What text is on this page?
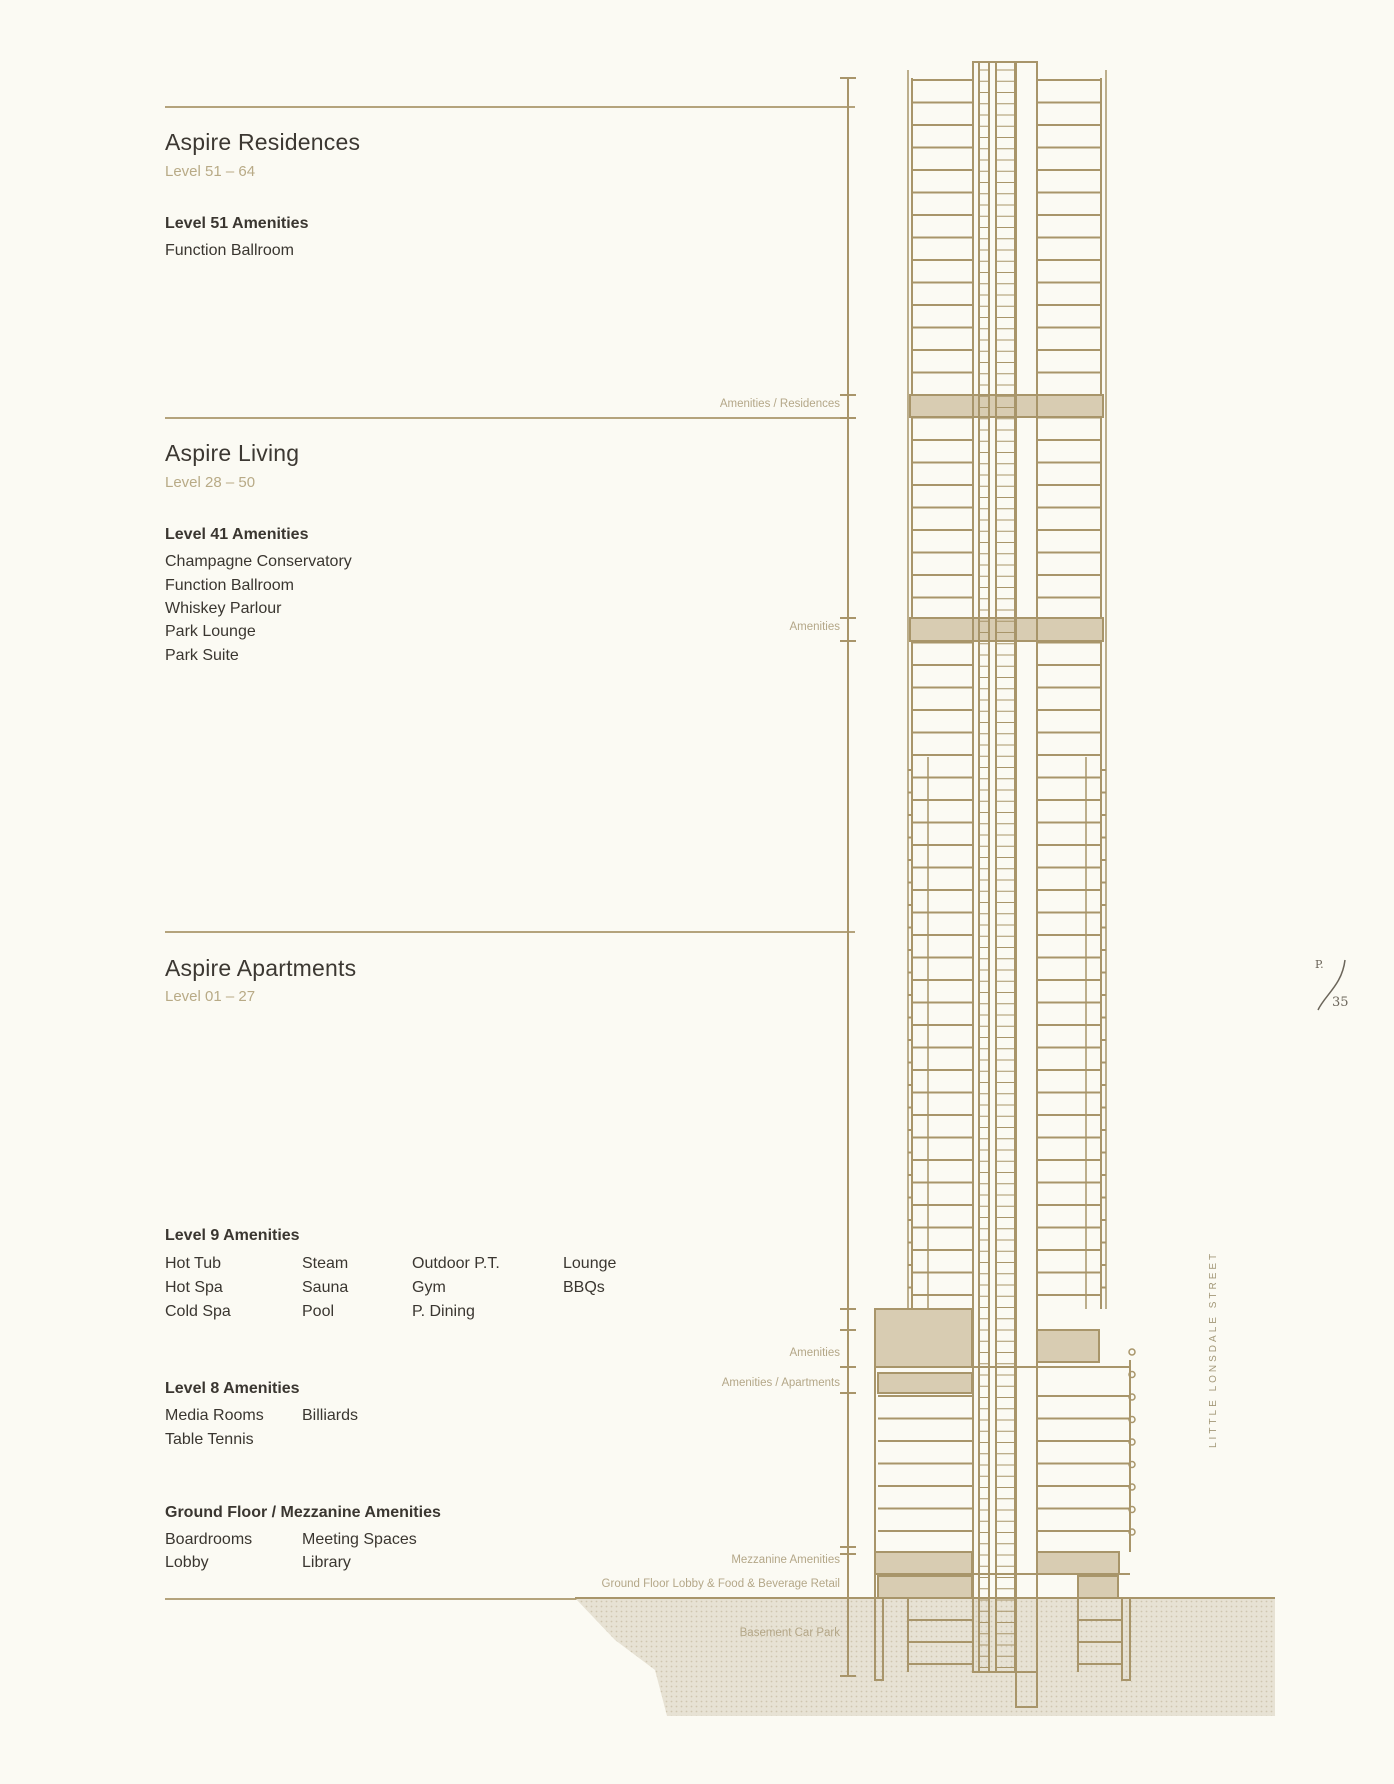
Aspire Residences
Level 51 – 64
Level 51 Amenities
Function Ballroom
Aspire Living
Level 28 – 50
Level 41 Amenities
Champagne Conservatory
Function Ballroom
Whiskey Parlour
Park Lounge
Park Suite
Aspire Apartments
Level 01 – 27
Level 9 Amenities
Hot Tub
Hot Spa
Cold Spa
Steam
Sauna
Pool
Outdoor P.T.
Gym
P. Dining
Lounge
BBQs
Level 8 Amenities
Media Rooms
Table Tennis
Billiards
Ground Floor / Mezzanine Amenities
Boardrooms
Lobby
Meeting Spaces
Library
Amenities / Residences
Amenities
Amenities
Amenities / Apartments
Mezzanine Amenities
Ground Floor Lobby & Food & Beverage Retail
Basement Car Park
LITTLE LONSDALE STREET
P.
35
